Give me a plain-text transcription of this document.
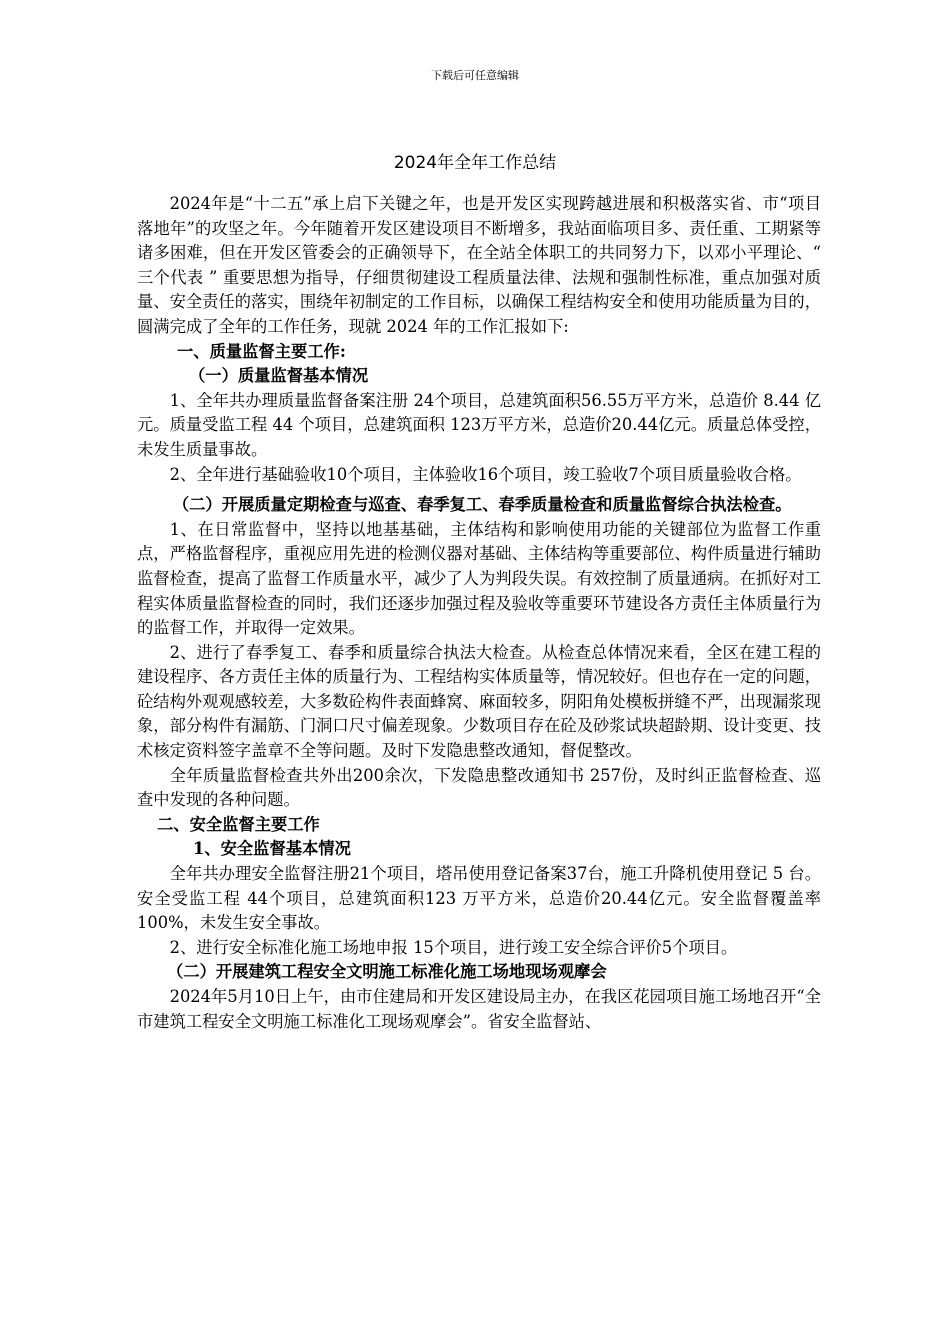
下载后可任意编辑
2024年全年工作总结

2024年是“十二五”承上启下关键之年，也是开发区实现跨越进展和积极落实省、市“项目落地年”的攻坚之年。今年随着开发区建设项目不断增多，我站面临项目多、责任重、工期紧等诸多困难，但在开发区管委会的正确领导下，在全站全体职工的共同努力下，以邓小平理论、“ 三个代表 ” 重要思想为指导，仔细贯彻建设工程质量法律、法规和强制性标准，重点加强对质量、安全责任的落实，围绕年初制定的工作目标，以确保工程结构安全和使用功能质量为目的，圆满完成了全年的工作任务，现就 2024 年的工作汇报如下:

一、质量监督主要工作:

（一）质量监督基本情况

1、全年共办理质量监督备案注册 24个项目，总建筑面积56.55万平方米，总造价 8.44 亿元。质量受监工程 44 个项目，总建筑面积 123万平方米，总造价20.44亿元。质量总体受控，未发生质量事故。

2、全年进行基础验收10个项目，主体验收16个项目，竣工验收7个项目质量验收合格。

（二）开展质量定期检查与巡查、春季复工、春季质量检查和质量监督综合执法检查。

1、在日常监督中，坚持以地基基础，主体结构和影响使用功能的关键部位为监督工作重点，严格监督程序，重视应用先进的检测仪器对基础、主体结构等重要部位、构件质量进行辅助监督检查，提高了监督工作质量水平，减少了人为判段失误。有效控制了质量通病。在抓好对工程实体质量监督检查的同时，我们还逐步加强过程及验收等重要环节建设各方责任主体质量行为的监督工作，并取得一定效果。

2、进行了春季复工、春季和质量综合执法大检查。从检查总体情况来看，全区在建工程的建设程序、各方责任主体的质量行为、工程结构实体质量等，情况较好。但也存在一定的问题，砼结构外观观感较差，大多数砼构件表面蜂窝、麻面较多，阴阳角处模板拼缝不严，出现漏浆现象，部分构件有漏筋、门洞口尺寸偏差现象。少数项目存在砼及砂浆试块超龄期、设计变更、技术核定资料签字盖章不全等问题。及时下发隐患整改通知，督促整改。

全年质量监督检查共外出200余次，下发隐患整改通知书 257份，及时纠正监督检查、巡查中发现的各种问题。

二、安全监督主要工作

1、安全监督基本情况

全年共办理安全监督注册21个项目，塔吊使用登记备案37台，施工升降机使用登记 5 台。安全受监工程 44个项目，总建筑面积123 万平方米，总造价20.44亿元。安全监督覆盖率100%，未发生安全事故。

2、进行安全标准化施工场地申报 15个项目，进行竣工安全综合评价5个项目。

（二）开展建筑工程安全文明施工标准化施工场地现场观摩会

2024年5月10日上午，由市住建局和开发区建设局主办，在我区花园项目施工场地召开“全市建筑工程安全文明施工标准化工现场观摩会”。省安全监督站、
